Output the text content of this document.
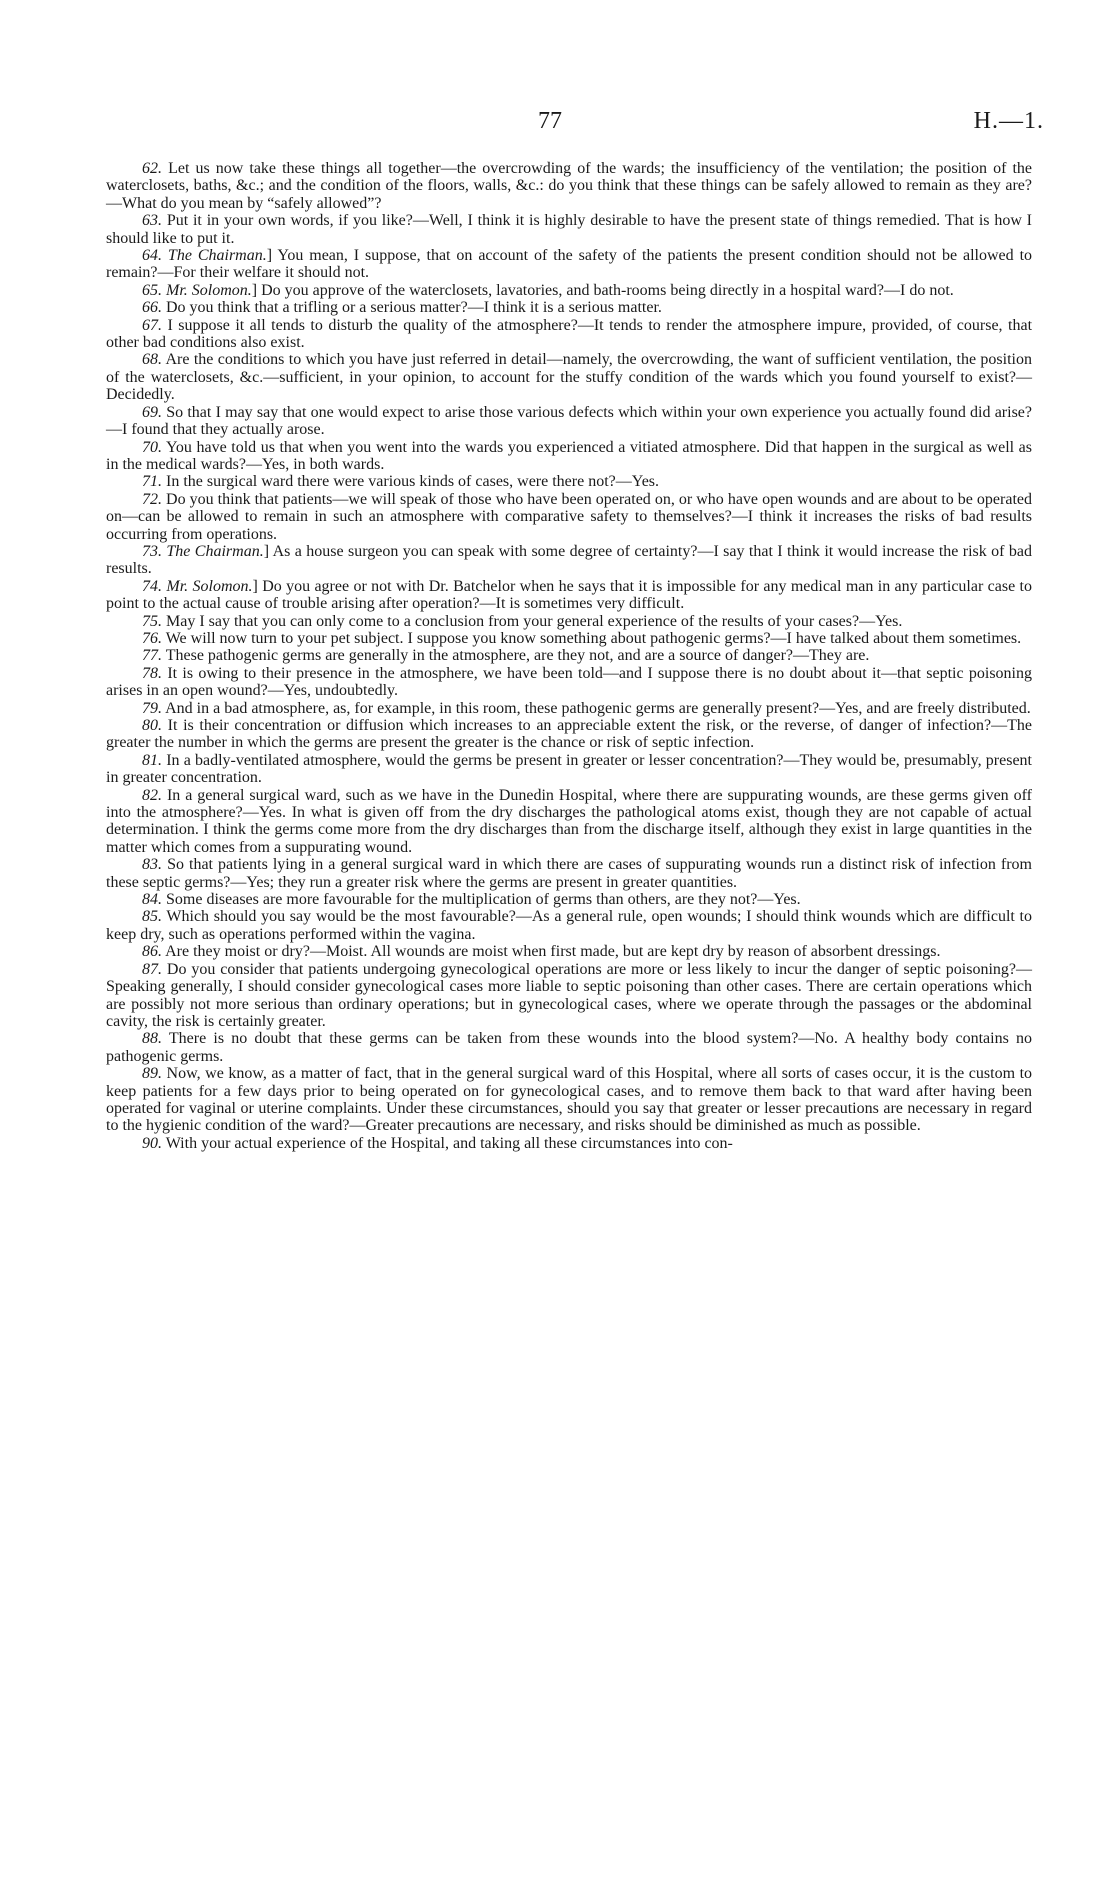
77	H.—1.

62. Let us now take these things all together—the overcrowding of the wards; the insufficiency of the ventilation; the position of the waterclosets, baths, &c.; and the condition of the floors, walls, &c.: do you think that these things can be safely allowed to remain as they are?—What do you mean by “safely allowed”?

63. Put it in your own words, if you like?—Well, I think it is highly desirable to have the present state of things remedied. That is how I should like to put it.

64. The Chairman.] You mean, I suppose, that on account of the safety of the patients the present condition should not be allowed to remain?—For their welfare it should not.

65. Mr. Solomon.] Do you approve of the waterclosets, lavatories, and bath-rooms being directly in a hospital ward?—I do not.

66. Do you think that a trifling or a serious matter?—I think it is a serious matter.

67. I suppose it all tends to disturb the quality of the atmosphere?—It tends to render the atmosphere impure, provided, of course, that other bad conditions also exist.

68. Are the conditions to which you have just referred in detail—namely, the overcrowding, the want of sufficient ventilation, the position of the waterclosets, &c.—sufficient, in your opinion, to account for the stuffy condition of the wards which you found yourself to exist?—Decidedly.

69. So that I may say that one would expect to arise those various defects which within your own experience you actually found did arise?—I found that they actually arose.

70. You have told us that when you went into the wards you experienced a vitiated atmosphere. Did that happen in the surgical as well as in the medical wards?—Yes, in both wards.

71. In the surgical ward there were various kinds of cases, were there not?—Yes.

72. Do you think that patients—we will speak of those who have been operated on, or who have open wounds and are about to be operated on—can be allowed to remain in such an atmosphere with comparative safety to themselves?—I think it increases the risks of bad results occurring from operations.

73. The Chairman.] As a house surgeon you can speak with some degree of certainty?—I say that I think it would increase the risk of bad results.

74. Mr. Solomon.] Do you agree or not with Dr. Batchelor when he says that it is impossible for any medical man in any particular case to point to the actual cause of trouble arising after operation?—It is sometimes very difficult.

75. May I say that you can only come to a conclusion from your general experience of the results of your cases?—Yes.

76. We will now turn to your pet subject. I suppose you know something about pathogenic germs?—I have talked about them sometimes.

77. These pathogenic germs are generally in the atmosphere, are they not, and are a source of danger?—They are.

78. It is owing to their presence in the atmosphere, we have been told—and I suppose there is no doubt about it—that septic poisoning arises in an open wound?—Yes, undoubtedly.

79. And in a bad atmosphere, as, for example, in this room, these pathogenic germs are generally present?—Yes, and are freely distributed.

80. It is their concentration or diffusion which increases to an appreciable extent the risk, or the reverse, of danger of infection?—The greater the number in which the germs are present the greater is the chance or risk of septic infection.

81. In a badly-ventilated atmosphere, would the germs be present in greater or lesser concentration?—They would be, presumably, present in greater concentration.

82. In a general surgical ward, such as we have in the Dunedin Hospital, where there are suppurating wounds, are these germs given off into the atmosphere?—Yes. In what is given off from the dry discharges the pathological atoms exist, though they are not capable of actual determination. I think the germs come more from the dry discharges than from the discharge itself, although they exist in large quantities in the matter which comes from a suppurating wound.

83. So that patients lying in a general surgical ward in which there are cases of suppurating wounds run a distinct risk of infection from these septic germs?—Yes; they run a greater risk where the germs are present in greater quantities.

84. Some diseases are more favourable for the multiplication of germs than others, are they not?—Yes.

85. Which should you say would be the most favourable?—As a general rule, open wounds; I should think wounds which are difficult to keep dry, such as operations performed within the vagina.

86. Are they moist or dry?—Moist. All wounds are moist when first made, but are kept dry by reason of absorbent dressings.

87. Do you consider that patients undergoing gynecological operations are more or less likely to incur the danger of septic poisoning?—Speaking generally, I should consider gynecological cases more liable to septic poisoning than other cases. There are certain operations which are possibly not more serious than ordinary operations; but in gynecological cases, where we operate through the passages or the abdominal cavity, the risk is certainly greater.

88. There is no doubt that these germs can be taken from these wounds into the blood system?—No. A healthy body contains no pathogenic germs.

89. Now, we know, as a matter of fact, that in the general surgical ward of this Hospital, where all sorts of cases occur, it is the custom to keep patients for a few days prior to being operated on for gynecological cases, and to remove them back to that ward after having been operated for vaginal or uterine complaints. Under these circumstances, should you say that greater or lesser precautions are necessary in regard to the hygienic condition of the ward?—Greater precautions are necessary, and risks should be diminished as much as possible.

90. With your actual experience of the Hospital, and taking all these circumstances into con-
